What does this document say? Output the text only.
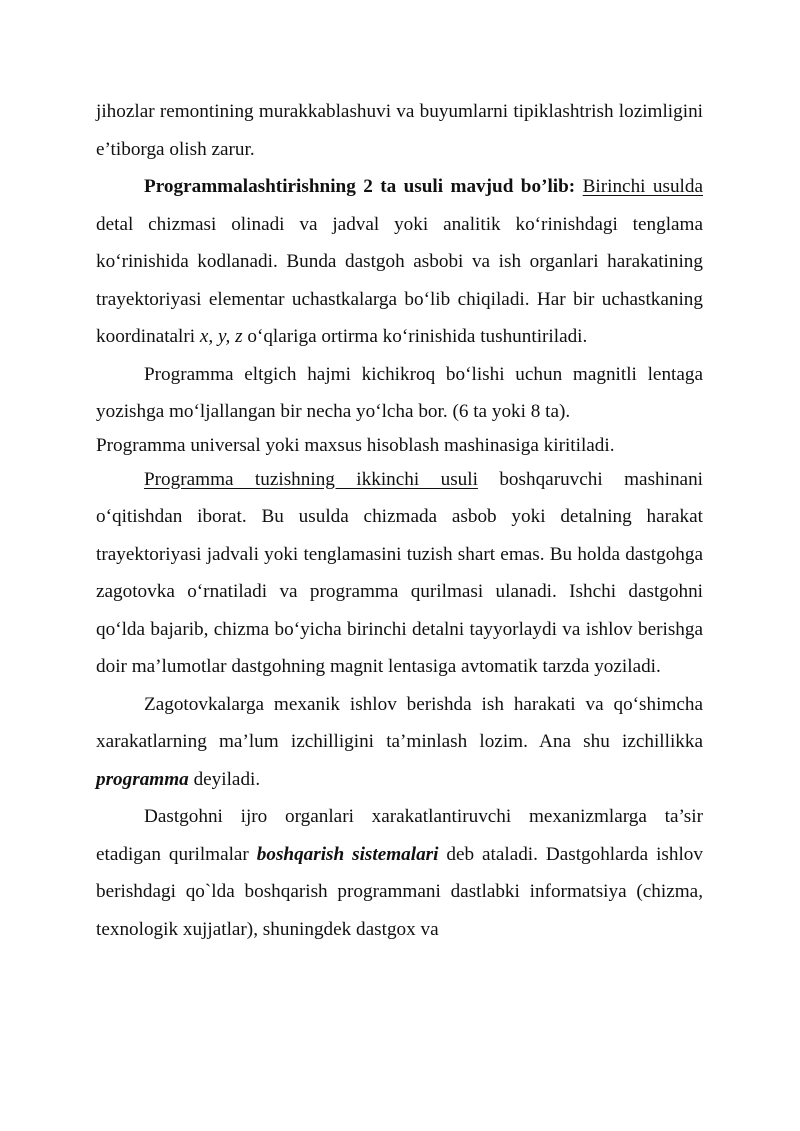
jihozlar remontining murakkablashuvi va buyumlarni tipiklashtrish lozimligini e’tiborga olish zarur.

Programmalashtirishning 2 ta usuli mavjud bo’lib: Birinchi usulda detal chizmasi olinadi va jadval yoki analitik ko‘rinishdagi tenglama ko‘rinishida kodlanadi. Bunda dastgoh asbobi va ish organlari harakatining trayektoriyasi elementar uchastkalarga bo‘lib chiqiladi. Har bir uchastkaning koordinatalri x, y, z o‘qlariga ortirma ko‘rinishida tushuntiriladi.

Programma eltgich hajmi kichikroq bo‘lishi uchun magnitli lentaga yozishga mo‘ljallangan bir necha yo‘lcha bor. (6 ta yoki 8 ta).

Programma universal yoki maxsus hisoblash mashinasiga kiritiladi.

Programma tuzishning ikkinchi usuli boshqaruvchi mashinani o‘qitishdan iborat. Bu usulda chizmada asbob yoki detalning harakat trayektoriyasi jadvali yoki tenglamasini tuzish shart emas. Bu holda dastgohga zagotovka o‘rnatiladi va programma qurilmasi ulanadi. Ishchi dastgohni qo‘lda bajarib, chizma bo‘yicha birinchi detalni tayyorlaydi va ishlov berishga doir ma’lumotlar dastgohning magnit lentasiga avtomatik tarzda yoziladi.

Zagotovkalarga mexanik ishlov berishda ish harakati va qo‘shimcha xarakatlarning ma’lum izchilligini ta’minlash lozim. Ana shu izchillikka programma deyiladi.

Dastgohni ijro organlari xarakatlantiruvchi mexanizmlarga ta’sir etadigan qurilmalar boshqarish sistemalari deb ataladi. Dastgohlarda ishlov berishdagi qo`lda boshqarish programmani dastlabki informatsiya (chizma, texnologik xujjatlar), shuningdek dastgox va
